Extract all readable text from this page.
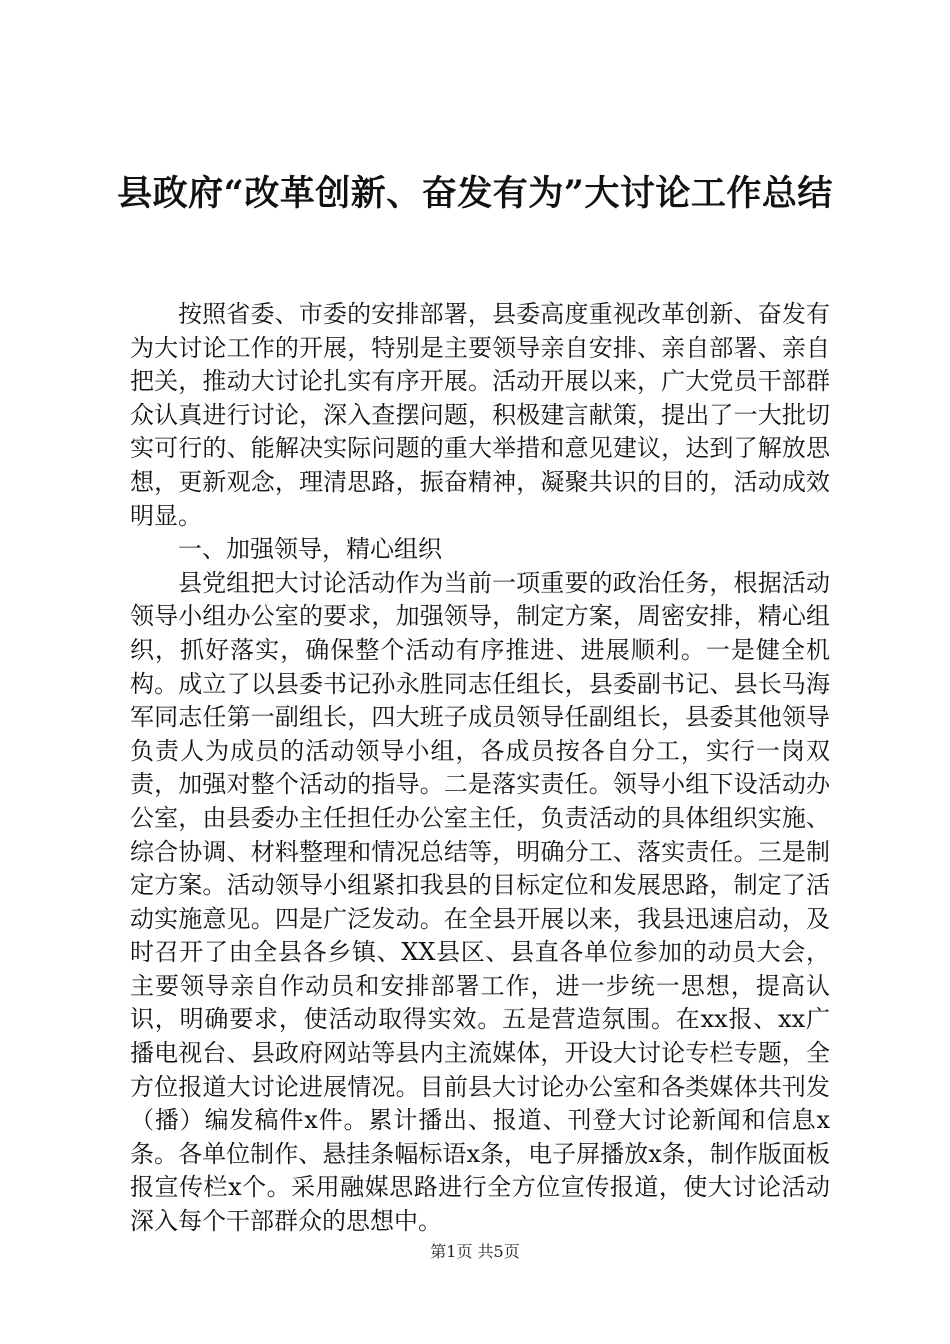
县政府“改革创新、奋发有为”大讨论工作总结

按照省委、市委的安排部署，县委高度重视改革创新、奋发有为大讨论工作的开展，特别是主要领导亲自安排、亲自部署、亲自把关，推动大讨论扎实有序开展。活动开展以来，广大党员干部群众认真进行讨论，深入查摆问题，积极建言献策，提出了一大批切实可行的、能解决实际问题的重大举措和意见建议，达到了解放思想，更新观念，理清思路，振奋精神，凝聚共识的目的，活动成效明显。

一、加强领导，精心组织

县党组把大讨论活动作为当前一项重要的政治任务，根据活动领导小组办公室的要求，加强领导，制定方案，周密安排，精心组织，抓好落实，确保整个活动有序推进、进展顺利。一是健全机构。成立了以县委书记孙永胜同志任组长，县委副书记、县长马海军同志任第一副组长，四大班子成员领导任副组长，县委其他领导负责人为成员的活动领导小组，各成员按各自分工，实行一岗双责，加强对整个活动的指导。二是落实责任。领导小组下设活动办公室，由县委办主任担任办公室主任，负责活动的具体组织实施、综合协调、材料整理和情况总结等，明确分工、落实责任。三是制定方案。活动领导小组紧扣我县的目标定位和发展思路，制定了活动实施意见。四是广泛发动。在全县开展以来，我县迅速启动，及时召开了由全县各乡镇、XX县区、县直各单位参加的动员大会，主要领导亲自作动员和安排部署工作，进一步统一思想，提高认识，明确要求，使活动取得实效。五是营造氛围。在xx报、xx广播电视台、县政府网站等县内主流媒体，开设大讨论专栏专题，全方位报道大讨论进展情况。目前县大讨论办公室和各类媒体共刊发（播）编发稿件x件。累计播出、报道、刊登大讨论新闻和信息x条。各单位制作、悬挂条幅标语x条，电子屏播放x条，制作版面板报宣传栏x个。采用融媒思路进行全方位宣传报道，使大讨论活动深入每个干部群众的思想中。

第1页 共5页
